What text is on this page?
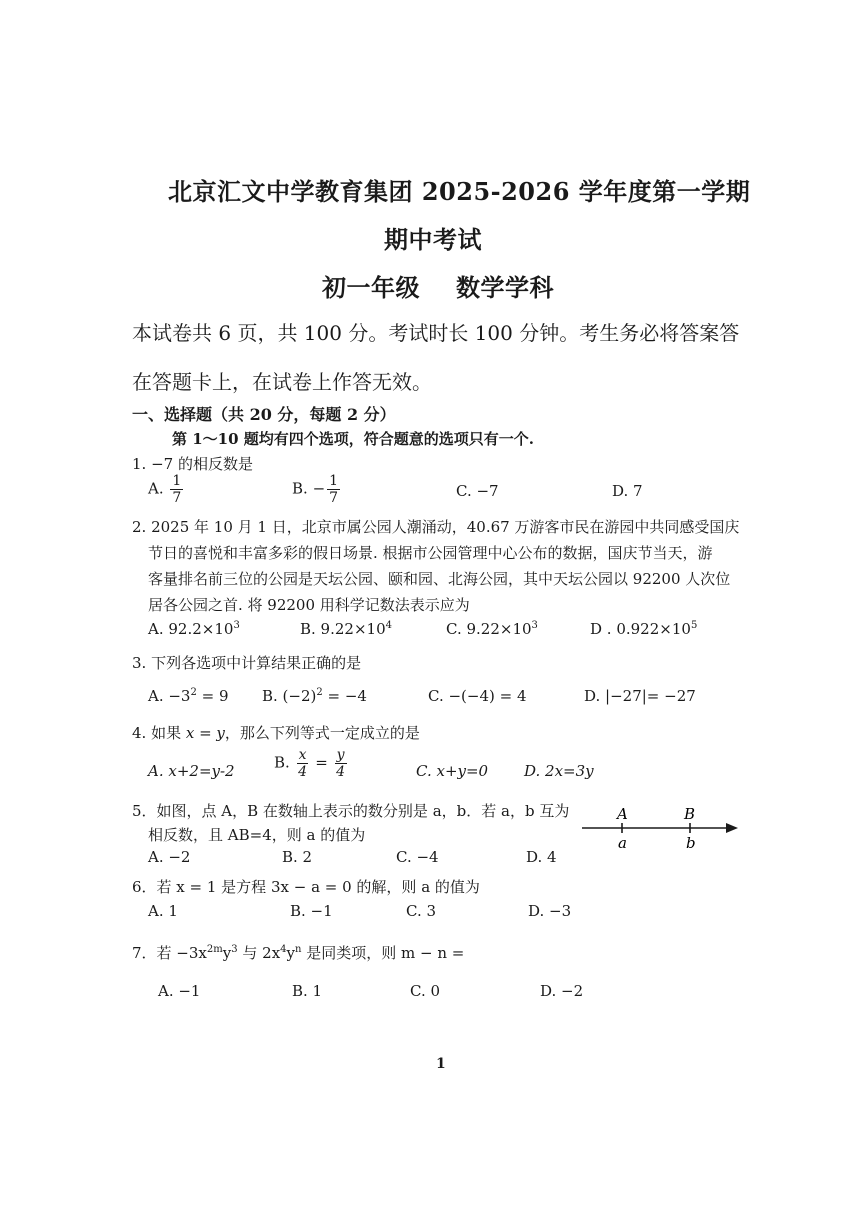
北京汇文中学教育集团 2025-2026 学年度第一学期
期中考试
初一年级 数学学科
本试卷共 6 页，共 100 分。考试时长 100 分钟。考生务必将答案答
在答题卡上，在试卷上作答无效。
一、选择题（共 20 分，每题 2 分）
第 1～10 题均有四个选项，符合题意的选项只有一个.
1. −7 的相反数是
A. $\frac{1}{7}$	B. − $\frac{1}{7}$	C. −7	D. 7
2. 2025 年 10 月 1 日，北京市属公园人潮涌动，40.67 万游客市民在游园中共同感受国庆
节日的喜悦和丰富多彩的假日场景. 根据市公园管理中心公布的数据，国庆节当天，游
客量排名前三位的公园是天坛公园、颐和园、北海公园，其中天坛公园以 92200 人次位
居各公园之首. 将 92200 用科学记数法表示应为
A. $92.2\times 10^3$	B. $9.22\times 10^4$	C. $9.22\times 10^3$	D . $0.922\times 10^5$
3. 下列各选项中计算结果正确的是
A. $-3^2 = 9$ B. $(-2)^2 = -4$	C. −(−4) = 4	D. |−27|= −27
4. 如果 x = y，那么下列等式一定成立的是
A. x+2=y-2	B. $\frac{x}{4} = \frac{y}{4}$	C. x+y=0 D. 2x=3y
5．如图，点 A，B 在数轴上表示的数分别是 a，b．若 a，b 互为
相反数，且 AB=4，则 a 的值为
A. −2	B. 2	C. −4	D. 4
A	B
a	b
6．若 x = 1 是方程 3x − a = 0 的解，则 a 的值为
A. 1	B. −1	C. 3	D. −3
7．若 $-3x^{2m}y^3$ 与 $2x^4y^n$ 是同类项，则 m − n =
A. −1	B. 1	C. 0	D. −2
1
